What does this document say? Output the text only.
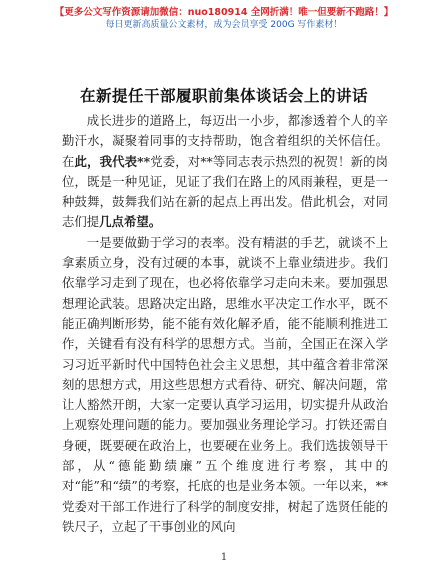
【更多公文写作资源请加微信：nuo180914 全网折满！唯一但要新不跑路！】
每日更新高质量公文素材，成为会员享受 200G 写作素材！
在新提任干部履职前集体谈话会上的讲话

成长进步的道路上，每迈出一小步，都渗透着个人的辛勤汗水，凝聚着同事的支持帮助，饱含着组织的关怀信任。在此，我代表**党委，对**等同志表示热烈的祝贺！新的岗位，既是一种见证，见证了我们在路上的风雨兼程，更是一种鼓舞，鼓舞我们站在新的起点上再出发。借此机会，对同志们提几点希望。

一是要做勤于学习的表率。没有精湛的手艺，就谈不上拿素质立身，没有过硬的本事，就谈不上靠业绩进步。我们依靠学习走到了现在，也必将依靠学习走向未来。要加强思想理论武装。思路决定出路，思维水平决定工作水平，既不能正确判断形势，能不能有效化解矛盾，能不能顺利推进工作，关键看有没有科学的思想方式。当前，全国正在深入学习习近平新时代中国特色社会主义思想，其中蕴含着非常深刻的思想方式，用这些思想方式看待、研究、解决问题，常让人豁然开朗，大家一定要认真学习运用，切实提升从政治上观察处理问题的能力。要加强业务理论学习。打铁还需自身硬，既要硬在政治上，也要硬在业务上。我们选拔领导干部，从“德能勤绩廉”五个维度进行考察，其中的对“能”和“绩”的考察，托底的也是业务本领。一年以来，**党委对干部工作进行了科学的制度安排，树起了选贤任能的铁尺子，立起了干事创业的风向

1
